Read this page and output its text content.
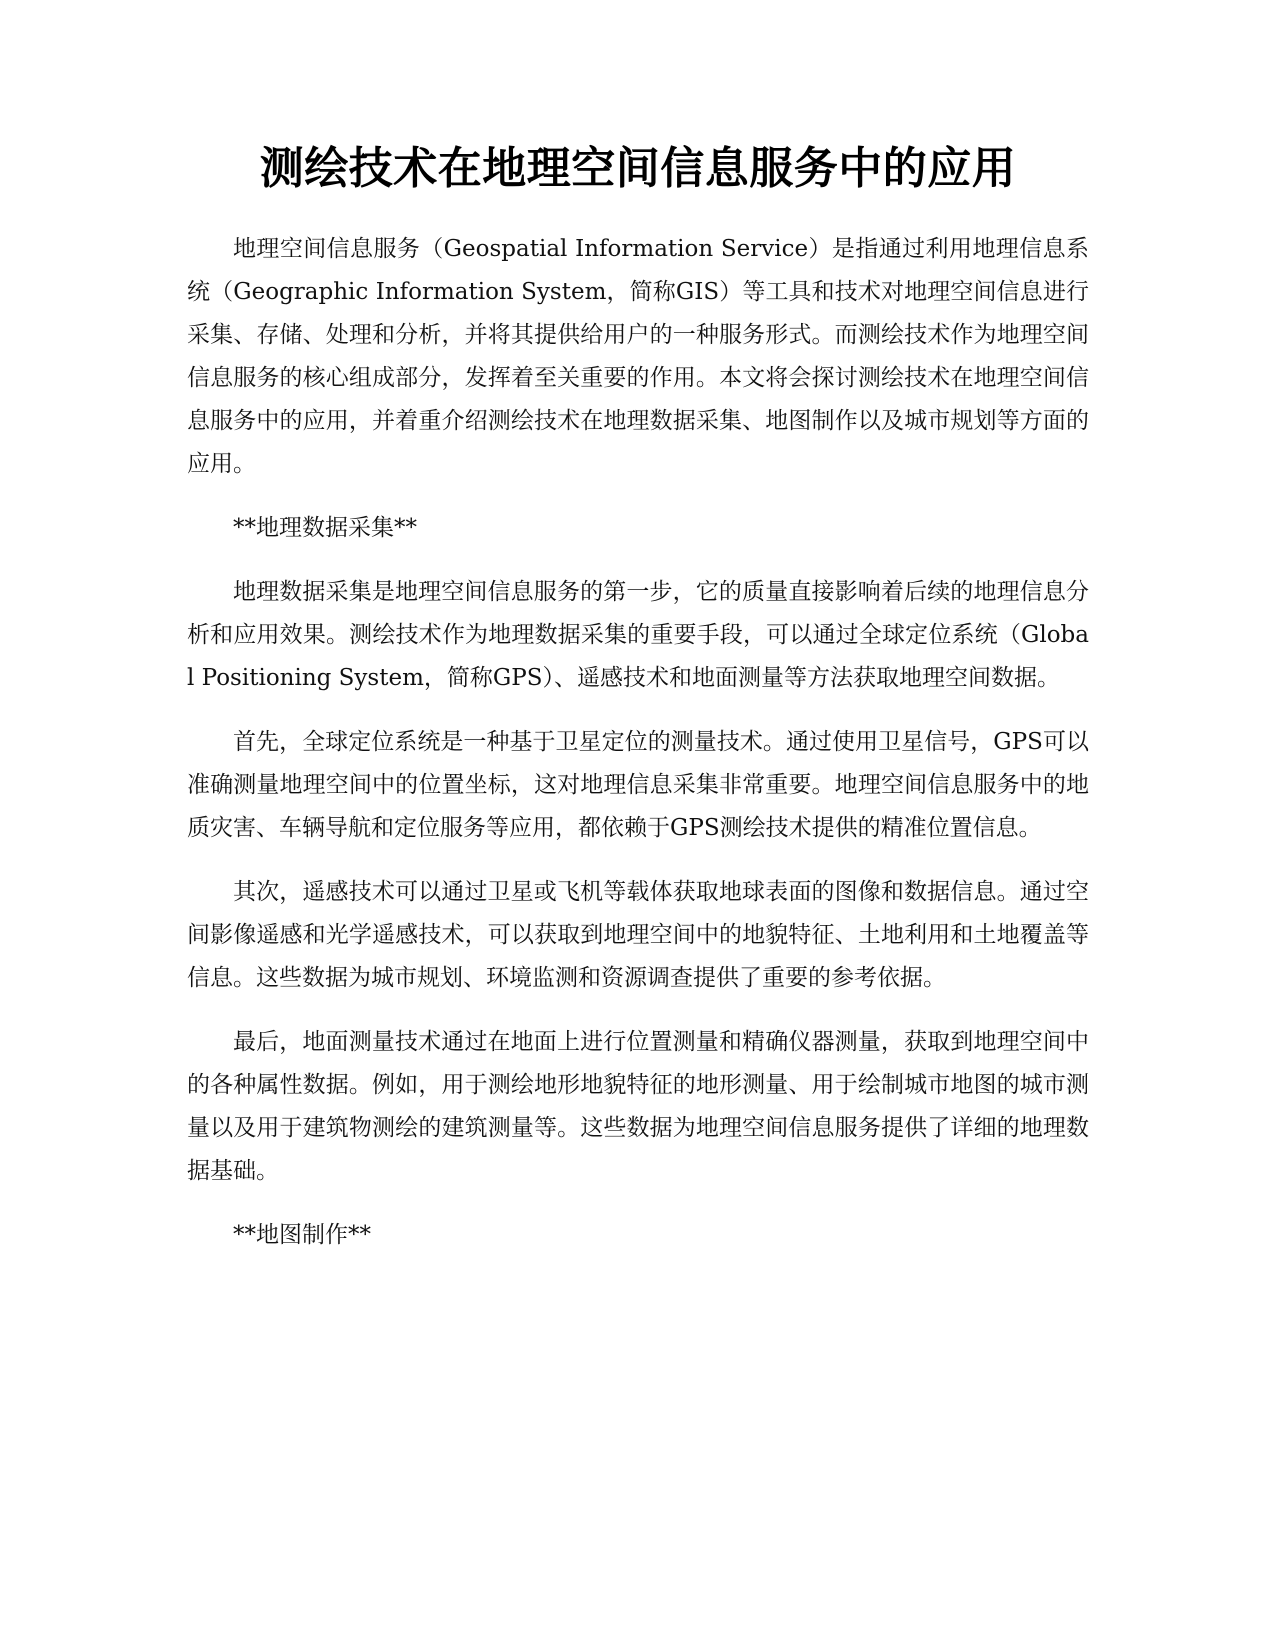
测绘技术在地理空间信息服务中的应用

地理空间信息服务（Geospatial Information Service）是指通过利用地理信息系统（Geographic Information System，简称GIS）等工具和技术对地理空间信息进行采集、存储、处理和分析，并将其提供给用户的一种服务形式。而测绘技术作为地理空间信息服务的核心组成部分，发挥着至关重要的作用。本文将会探讨测绘技术在地理空间信息服务中的应用，并着重介绍测绘技术在地理数据采集、地图制作以及城市规划等方面的应用。

**地理数据采集**

地理数据采集是地理空间信息服务的第一步，它的质量直接影响着后续的地理信息分析和应用效果。测绘技术作为地理数据采集的重要手段，可以通过全球定位系统（Global Positioning System，简称GPS）、遥感技术和地面测量等方法获取地理空间数据。

首先，全球定位系统是一种基于卫星定位的测量技术。通过使用卫星信号，GPS可以准确测量地理空间中的位置坐标，这对地理信息采集非常重要。地理空间信息服务中的地质灾害、车辆导航和定位服务等应用，都依赖于GPS测绘技术提供的精准位置信息。

其次，遥感技术可以通过卫星或飞机等载体获取地球表面的图像和数据信息。通过空间影像遥感和光学遥感技术，可以获取到地理空间中的地貌特征、土地利用和土地覆盖等信息。这些数据为城市规划、环境监测和资源调查提供了重要的参考依据。

最后，地面测量技术通过在地面上进行位置测量和精确仪器测量，获取到地理空间中的各种属性数据。例如，用于测绘地形地貌特征的地形测量、用于绘制城市地图的城市测量以及用于建筑物测绘的建筑测量等。这些数据为地理空间信息服务提供了详细的地理数据基础。

**地图制作**
